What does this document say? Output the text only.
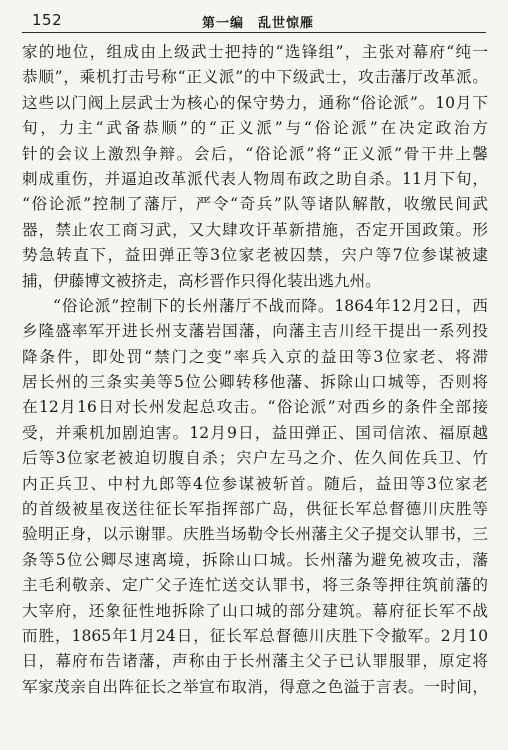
152	第一编　乱世惊雁
家的地位，组成由上级武士把持的“选锋组”，主张对幕府“纯一
恭顺”，乘机打击号称“正义派”的中下级武士，攻击藩厅改革派。
这些以门阀上层武士为核心的保守势力，通称“俗论派”。10月下
旬，力主“武备恭顺”的“正义派”与“俗论派”在决定政治方
针的会议上激烈争辩。会后，“俗论派”将“正义派”骨干井上馨
刺成重伤，并逼迫改革派代表人物周布政之助自杀。11月下旬，
“俗论派”控制了藩厅，严令“奇兵”队等诸队解散，收缴民间武
器，禁止农工商习武，又大肆攻讦革新措施，否定开国政策。形
势急转直下，益田弹正等3位家老被囚禁，宍户等7位参谋被逮
捕，伊藤博文被挤走，高杉晋作只得化装出逃九州。
“俗论派”控制下的长州藩厅不战而降。1864年12月2日，西
乡隆盛率军开进长州支藩岩国藩，向藩主吉川经干提出一系列投
降条件，即处罚“禁门之变”率兵入京的益田等3位家老、将滞
居长州的三条实美等5位公卿转移他藩、拆除山口城等，否则将
在12月16日对长州发起总攻击。“俗论派”对西乡的条件全部接
受，并乘机加剧迫害。12月9日，益田弹正、国司信浓、福原越
后等3位家老被迫切腹自杀；宍户左马之介、佐久间佐兵卫、竹
内正兵卫、中村九郎等4位参谋被斩首。随后，益田等3位家老
的首级被星夜送往征长军指挥部广岛，供征长军总督德川庆胜等
验明正身，以示谢罪。庆胜当场勒令长州藩主父子提交认罪书，三
条等5位公卿尽速离境，拆除山口城。长州藩为避免被攻击，藩
主毛利敬亲、定广父子连忙送交认罪书，将三条等押往筑前藩的
大宰府，还象征性地拆除了山口城的部分建筑。幕府征长军不战
而胜，1865年1月24日，征长军总督德川庆胜下令撤军。2月10
日，幕府布告诸藩，声称由于长州藩主父子已认罪服罪，原定将
军家茂亲自出阵征长之举宣布取消，得意之色溢于言表。一时间，
